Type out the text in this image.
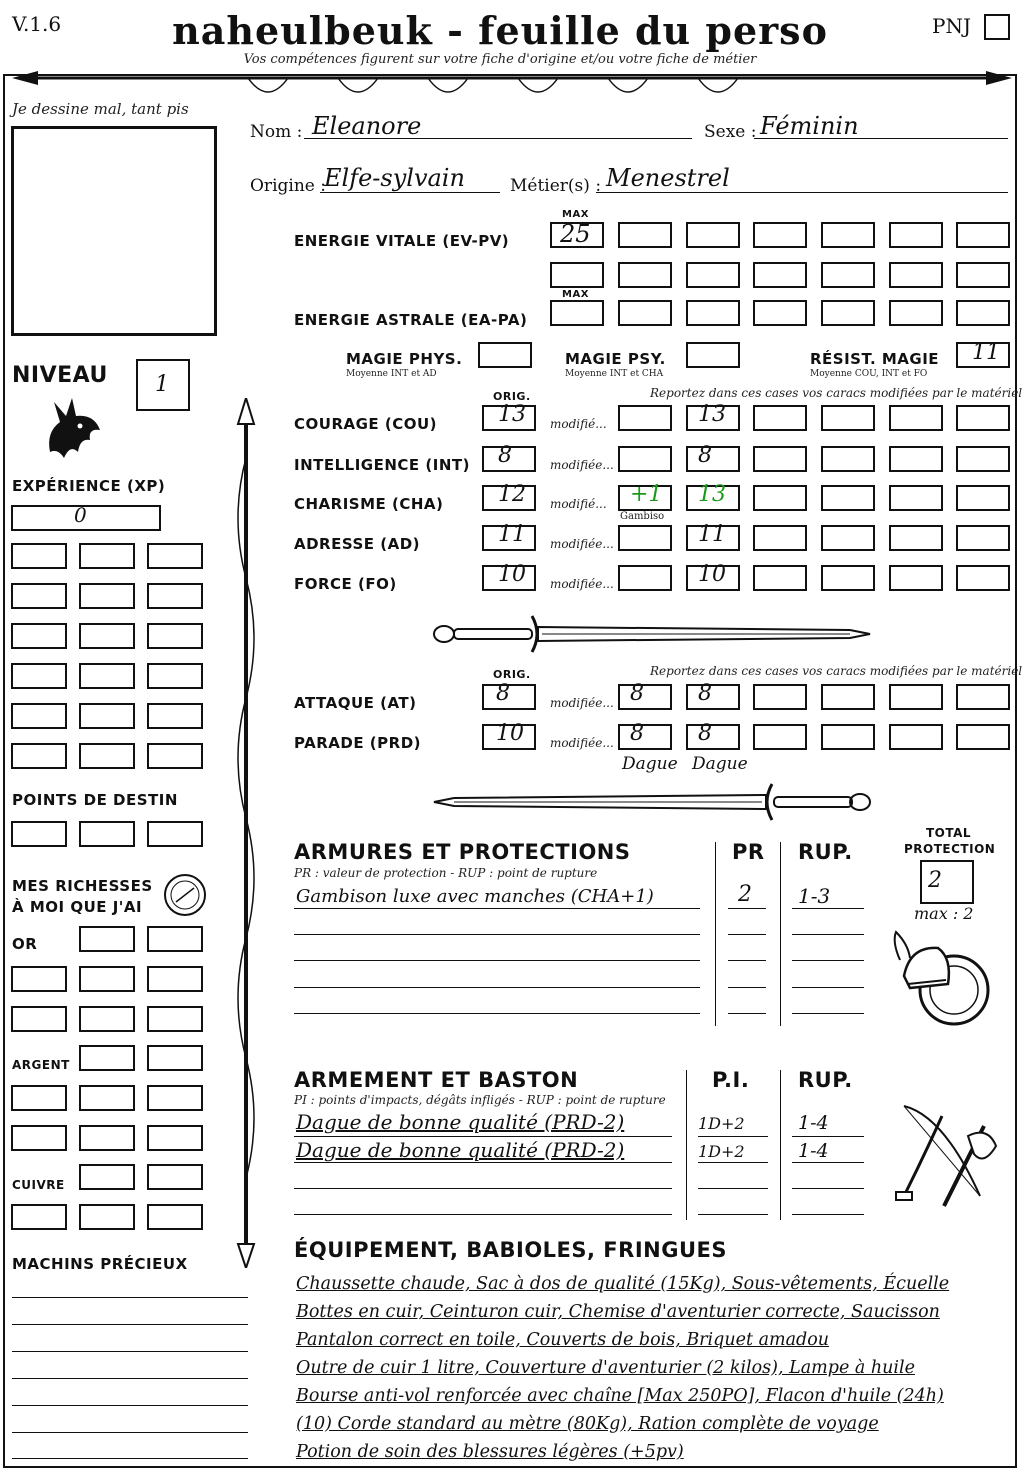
V.1.6	naheulbeuk - feuille du perso
Vos compétences figurent sur votre fiche d'origine et/ou votre fiche de métier
PNJ
Je dessine mal, tant pis
Nom : Eleanore	Sexe : Féminin
Origine :
Elfe-sylvain	Métier(s) : Menestrel
MAX
ENERGIE VITALE (EV-PV) 25
MAX
ENERGIE ASTRALE (EA-PA)
MAGIE PHYS.
Moyenne INT et AD
MAGIE PSY.
Moyenne INT et CHA
RÉSIST. MAGIE
Moyenne COU, INT et FO
11
ORIG.	Reportez dans ces cases vos caracs modifiées par le matériel
ORIG.	Reportez dans ces cases vos caracs modifiées par le matériel
Dague Dague
NIVEAU 1
EXPÉRIENCE (XP)
0
POINTS DE DESTIN
MES RICHESSES
À MOI QUE J'AI
OR
ARGENT
CUIVRE
MACHINS PRÉCIEUX
ARMURES ET PROTECTIONS
PR : valeur de protection - RUP : point de rupture
PR RUP.
Gambison luxe avec manches (CHA+1)	2 1-3
TOTAL
PROTECTION
2
max : 2
ARMEMENT ET BASTON
PI : points d'impacts, dégâts infligés - RUP : point de rupture
P.I. RUP.
Dague de bonne qualité (PRD-2)	1D+2	1-4
Dague de bonne qualité (PRD-2)	1D+2	1-4
ÉQUIPEMENT, BABIOLES, FRINGUES
COURAGE (COU)	13 modifié...	13
INTELLIGENCE (INT) 8	modifiée...	8
CHARISME (CHA) 12 modifié... +1 13
Gambiso
ADRESSE (AD)	11 modifiée...	11
FORCE (FO)	10 modifiée...	10
ATTAQUE (AT)	8	modifiée... 8 8
PARADE (PRD)	10 modifiée... 8 8
Chaussette chaude, Sac à dos de qualité (15Kg), Sous-vêtements, Écuelle
Bottes en cuir, Ceinturon cuir, Chemise d'aventurier correcte, Saucisson
Pantalon correct en toile, Couverts de bois, Briquet amadou
Outre de cuir 1 litre, Couverture d'aventurier (2 kilos), Lampe à huile
Bourse anti-vol renforcée avec chaîne [Max 250PO], Flacon d'huile (24h)
(10) Corde standard au mètre (80Kg), Ration complète de voyage
Potion de soin des blessures légères (+5pv)
